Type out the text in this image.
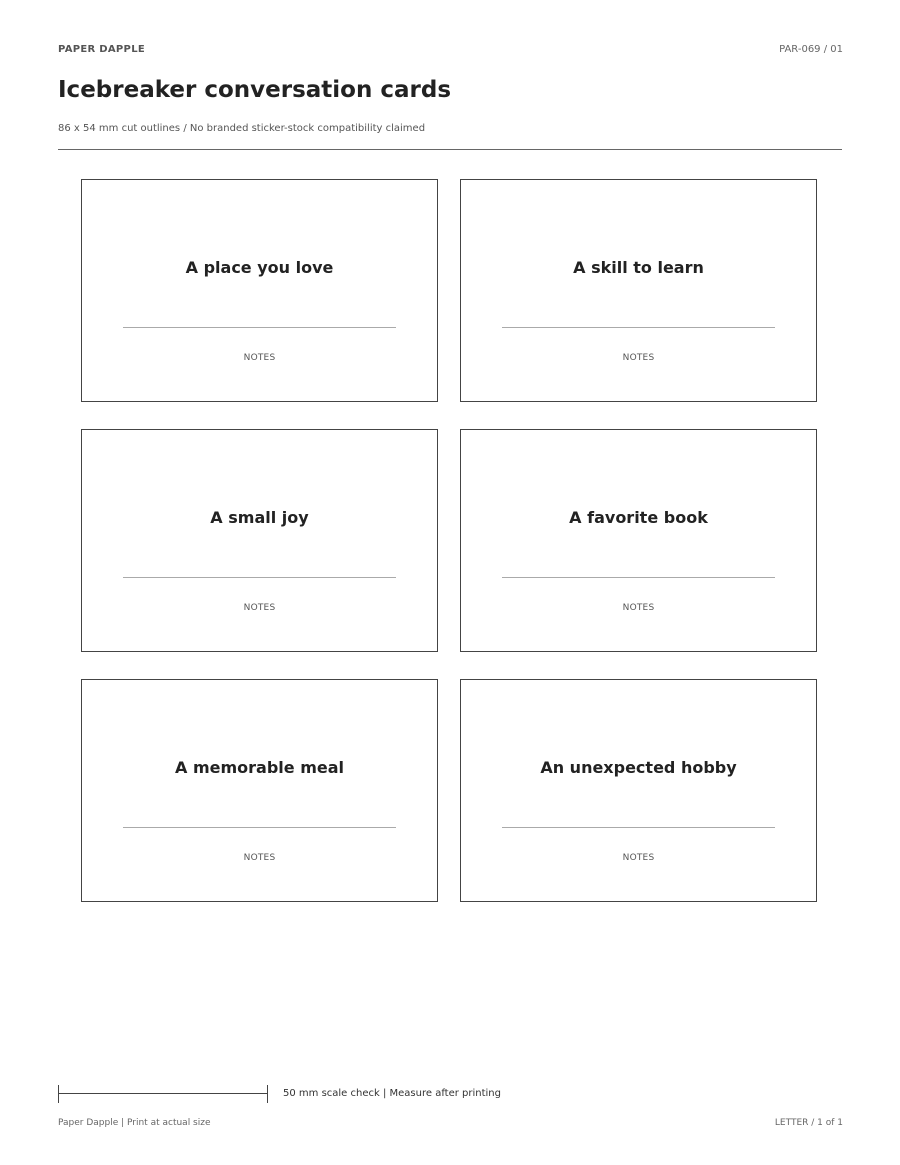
PAPER DAPPLE	PAR-069 / 01
Icebreaker conversation cards
86 x 54 mm cut outlines / No branded sticker-stock compatibility claimed
A place you love
NOTES
A skill to learn
NOTES
A small joy
NOTES
A favorite book
NOTES
A memorable meal
NOTES
An unexpected hobby
NOTES
50 mm scale check | Measure after printing
Paper Dapple | Print at actual size	LETTER / 1 of 1
